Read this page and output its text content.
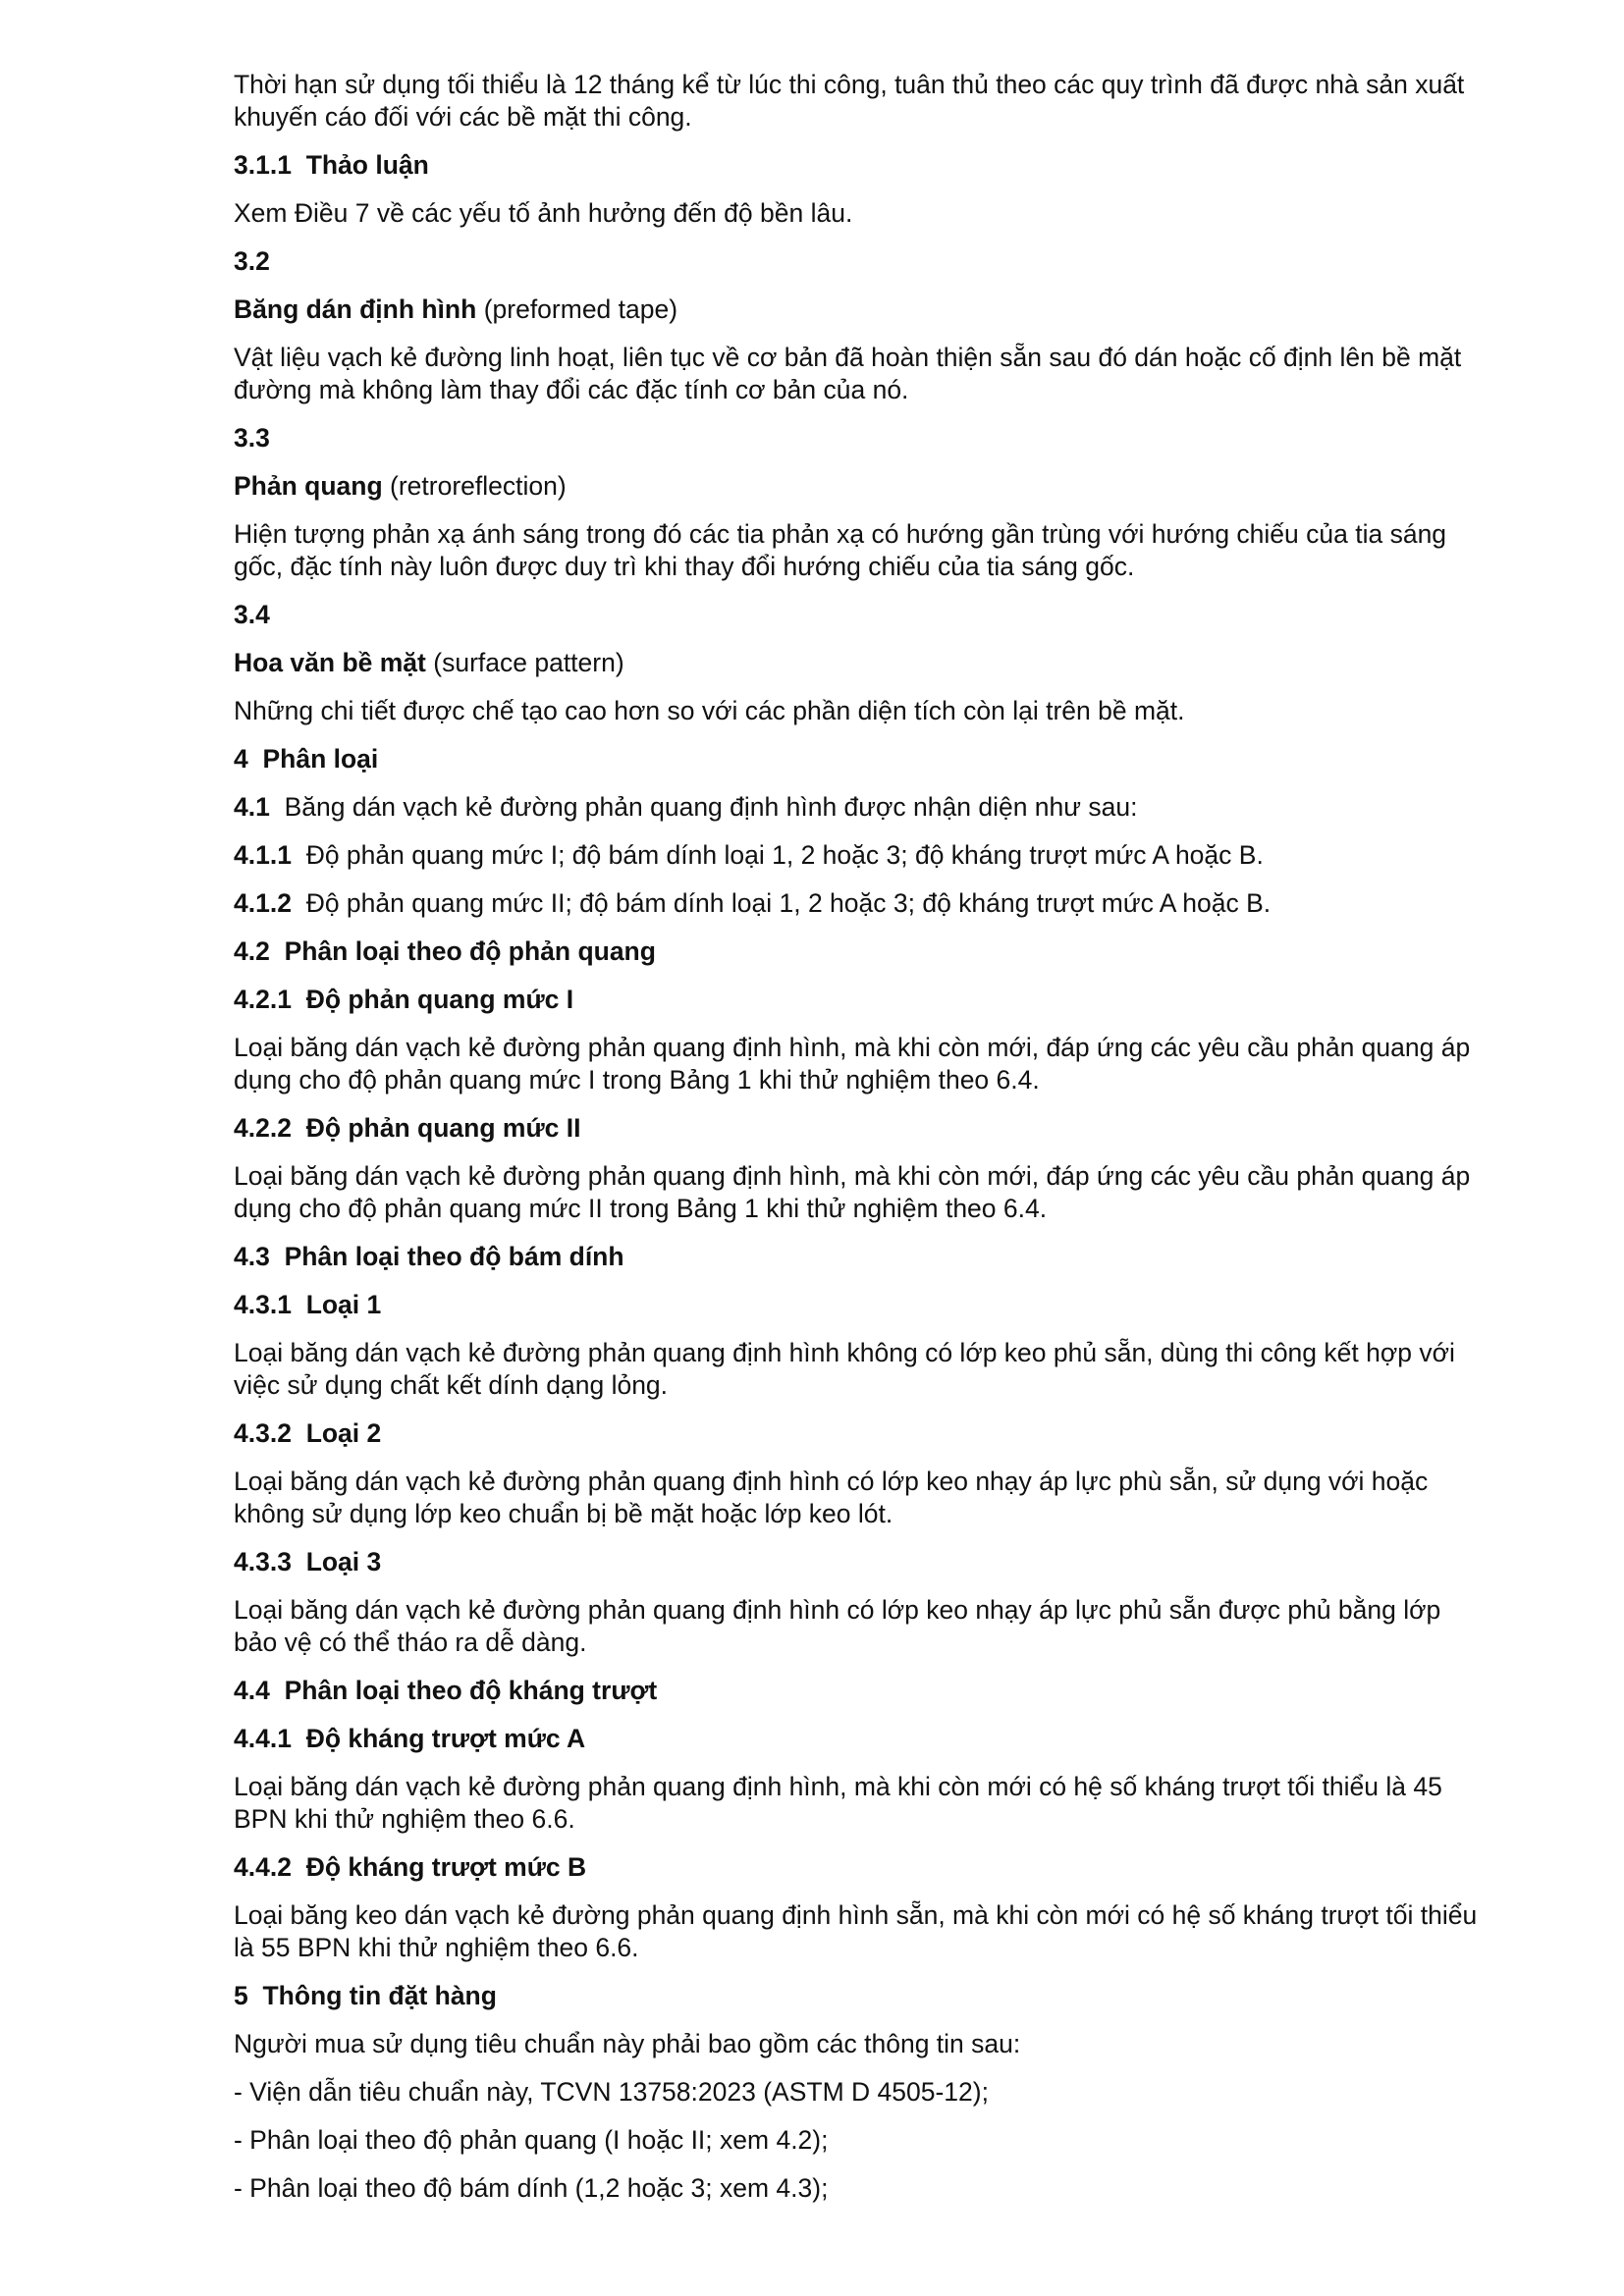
Thời hạn sử dụng tối thiểu là 12 tháng kể từ lúc thi công, tuân thủ theo các quy trình đã được nhà sản xuất khuyến cáo đối với các bề mặt thi công.

3.1.1 Thảo luận

Xem Điều 7 về các yếu tố ảnh hưởng đến độ bền lâu.

3.2

Băng dán định hình (preformed tape)

Vật liệu vạch kẻ đường linh hoạt, liên tục về cơ bản đã hoàn thiện sẵn sau đó dán hoặc cố định lên bề mặt đường mà không làm thay đổi các đặc tính cơ bản của nó.

3.3

Phản quang (retroreflection)

Hiện tượng phản xạ ánh sáng trong đó các tia phản xạ có hướng gần trùng với hướng chiếu của tia sáng gốc, đặc tính này luôn được duy trì khi thay đổi hướng chiếu của tia sáng gốc.

3.4

Hoa văn bề mặt (surface pattern)

Những chi tiết được chế tạo cao hơn so với các phần diện tích còn lại trên bề mặt.

4 Phân loại

4.1 Băng dán vạch kẻ đường phản quang định hình được nhận diện như sau:

4.1.1 Độ phản quang mức I; độ bám dính loại 1, 2 hoặc 3; độ kháng trượt mức A hoặc B.

4.1.2 Độ phản quang mức II; độ bám dính loại 1, 2 hoặc 3; độ kháng trượt mức A hoặc B.

4.2 Phân loại theo độ phản quang

4.2.1 Độ phản quang mức I

Loại băng dán vạch kẻ đường phản quang định hình, mà khi còn mới, đáp ứng các yêu cầu phản quang áp dụng cho độ phản quang mức I trong Bảng 1 khi thử nghiệm theo 6.4.

4.2.2 Độ phản quang mức II

Loại băng dán vạch kẻ đường phản quang định hình, mà khi còn mới, đáp ứng các yêu cầu phản quang áp dụng cho độ phản quang mức II trong Bảng 1 khi thử nghiệm theo 6.4.

4.3 Phân loại theo độ bám dính

4.3.1 Loại 1

Loại băng dán vạch kẻ đường phản quang định hình không có lớp keo phủ sẵn, dùng thi công kết hợp với việc sử dụng chất kết dính dạng lỏng.

4.3.2 Loại 2

Loại băng dán vạch kẻ đường phản quang định hình có lớp keo nhạy áp lực phù sẵn, sử dụng với hoặc không sử dụng lớp keo chuẩn bị bề mặt hoặc lớp keo lót.

4.3.3 Loại 3

Loại băng dán vạch kẻ đường phản quang định hình có lớp keo nhạy áp lực phủ sẵn được phủ bằng lớp bảo vệ có thể tháo ra dễ dàng.

4.4 Phân loại theo độ kháng trượt

4.4.1 Độ kháng trượt mức A

Loại băng dán vạch kẻ đường phản quang định hình, mà khi còn mới có hệ số kháng trượt tối thiểu là 45 BPN khi thử nghiệm theo 6.6.

4.4.2 Độ kháng trượt mức B

Loại băng keo dán vạch kẻ đường phản quang định hình sẵn, mà khi còn mới có hệ số kháng trượt tối thiểu là 55 BPN khi thử nghiệm theo 6.6.

5 Thông tin đặt hàng

Người mua sử dụng tiêu chuẩn này phải bao gồm các thông tin sau:

- Viện dẫn tiêu chuẩn này, TCVN 13758:2023 (ASTM D 4505-12);

- Phân loại theo độ phản quang (I hoặc II; xem 4.2);

- Phân loại theo độ bám dính (1,2 hoặc 3; xem 4.3);
